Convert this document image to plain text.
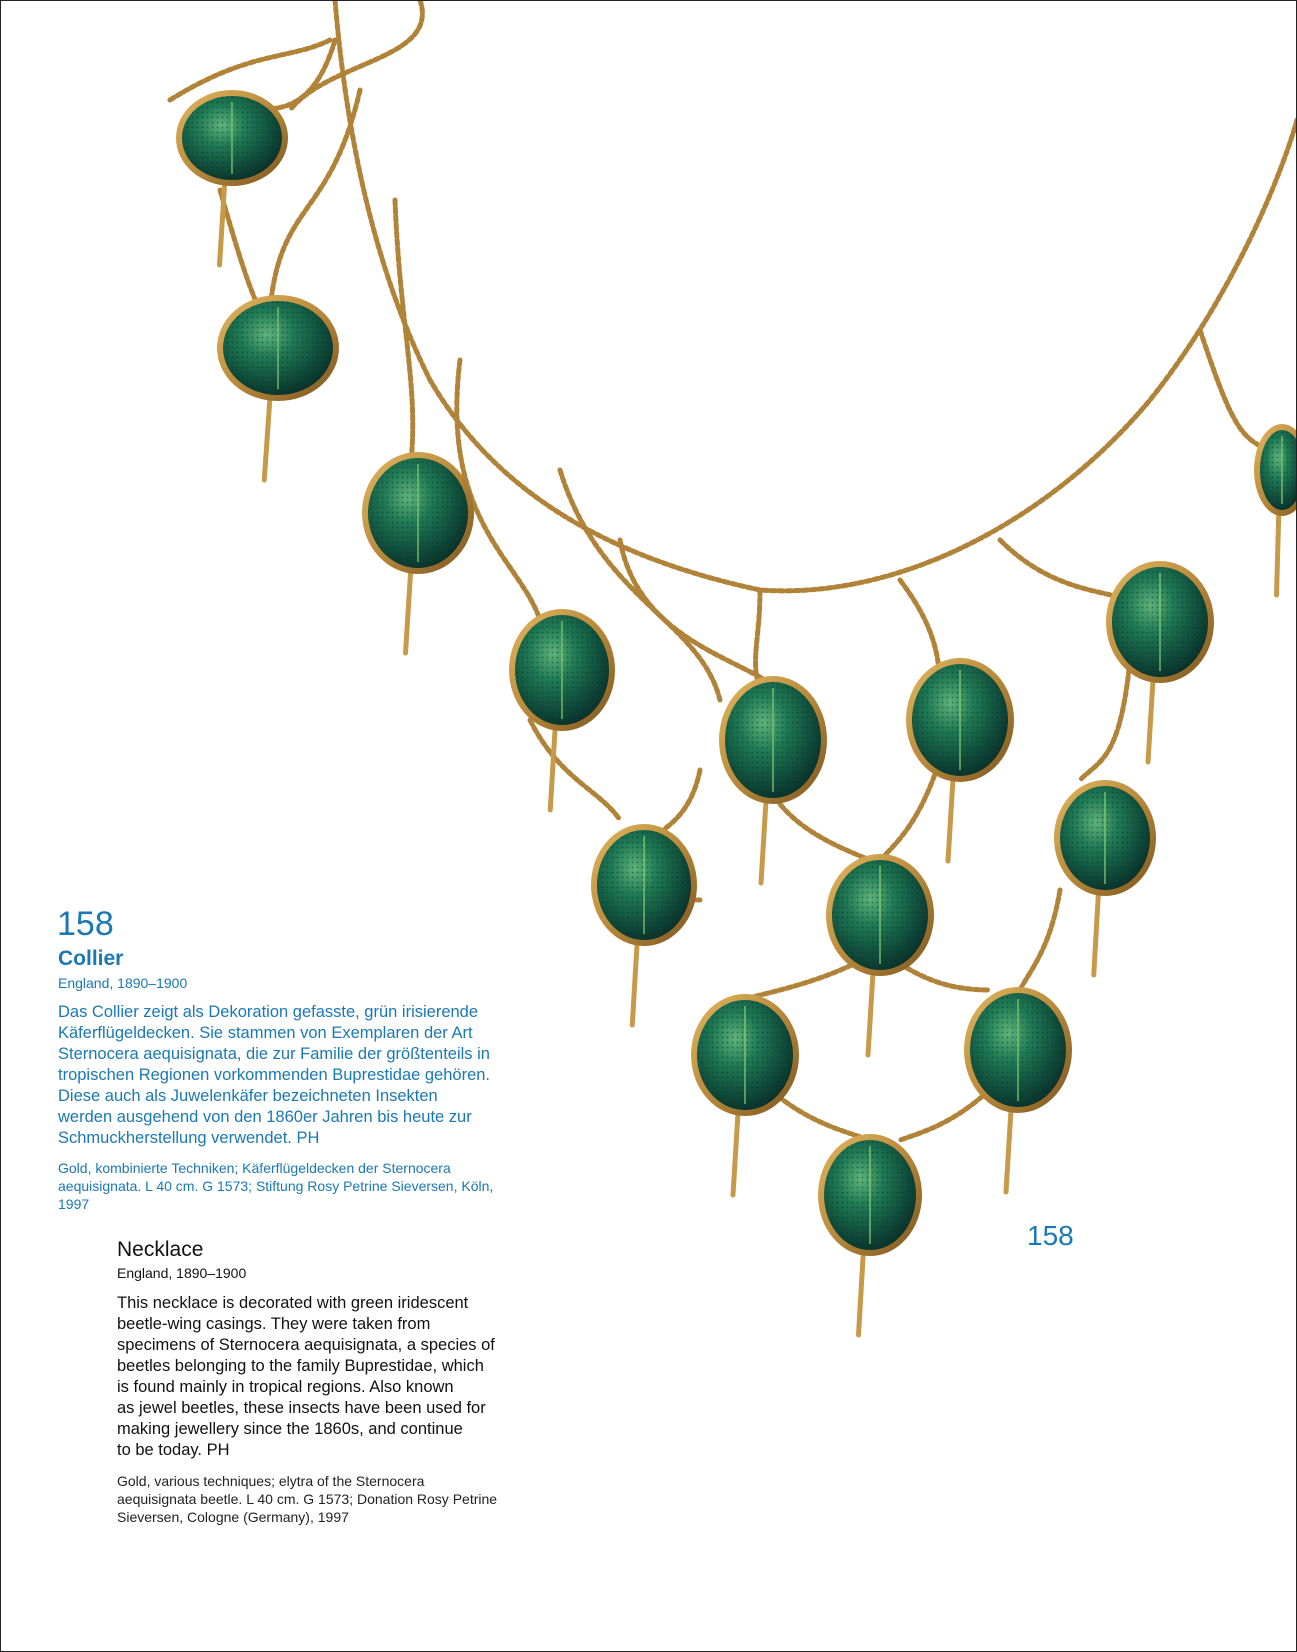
158
Collier
England, 1890–1900

Das Collier zeigt als Dekoration gefasste, grün irisierende
Käferflügeldecken. Sie stammen von Exemplaren der Art
Sternocera aequisignata, die zur Familie der größtenteils in
tropischen Regionen vorkommenden Buprestidae gehören.
Diese auch als Juwelenkäfer bezeichneten Insekten
werden ausgehend von den 1860er Jahren bis heute zur
Schmuckherstellung verwendet. PH

Gold, kombinierte Techniken; Käferflügeldecken der Sternocera
aequisignata. L 40 cm. G 1573; Stiftung Rosy Petrine Sieversen, Köln,
1997

Necklace
England, 1890–1900

This necklace is decorated with green iridescent
beetle-wing casings. They were taken from
specimens of Sternocera aequisignata, a species of
beetles belonging to the family Buprestidae, which
is found mainly in tropical regions. Also known
as jewel beetles, these insects have been used for
making jewellery since the 1860s, and continue
to be today. PH

Gold, various techniques; elytra of the Sternocera
aequisignata beetle. L 40 cm. G 1573; Donation Rosy Petrine
Sieversen, Cologne (Germany), 1997

158
